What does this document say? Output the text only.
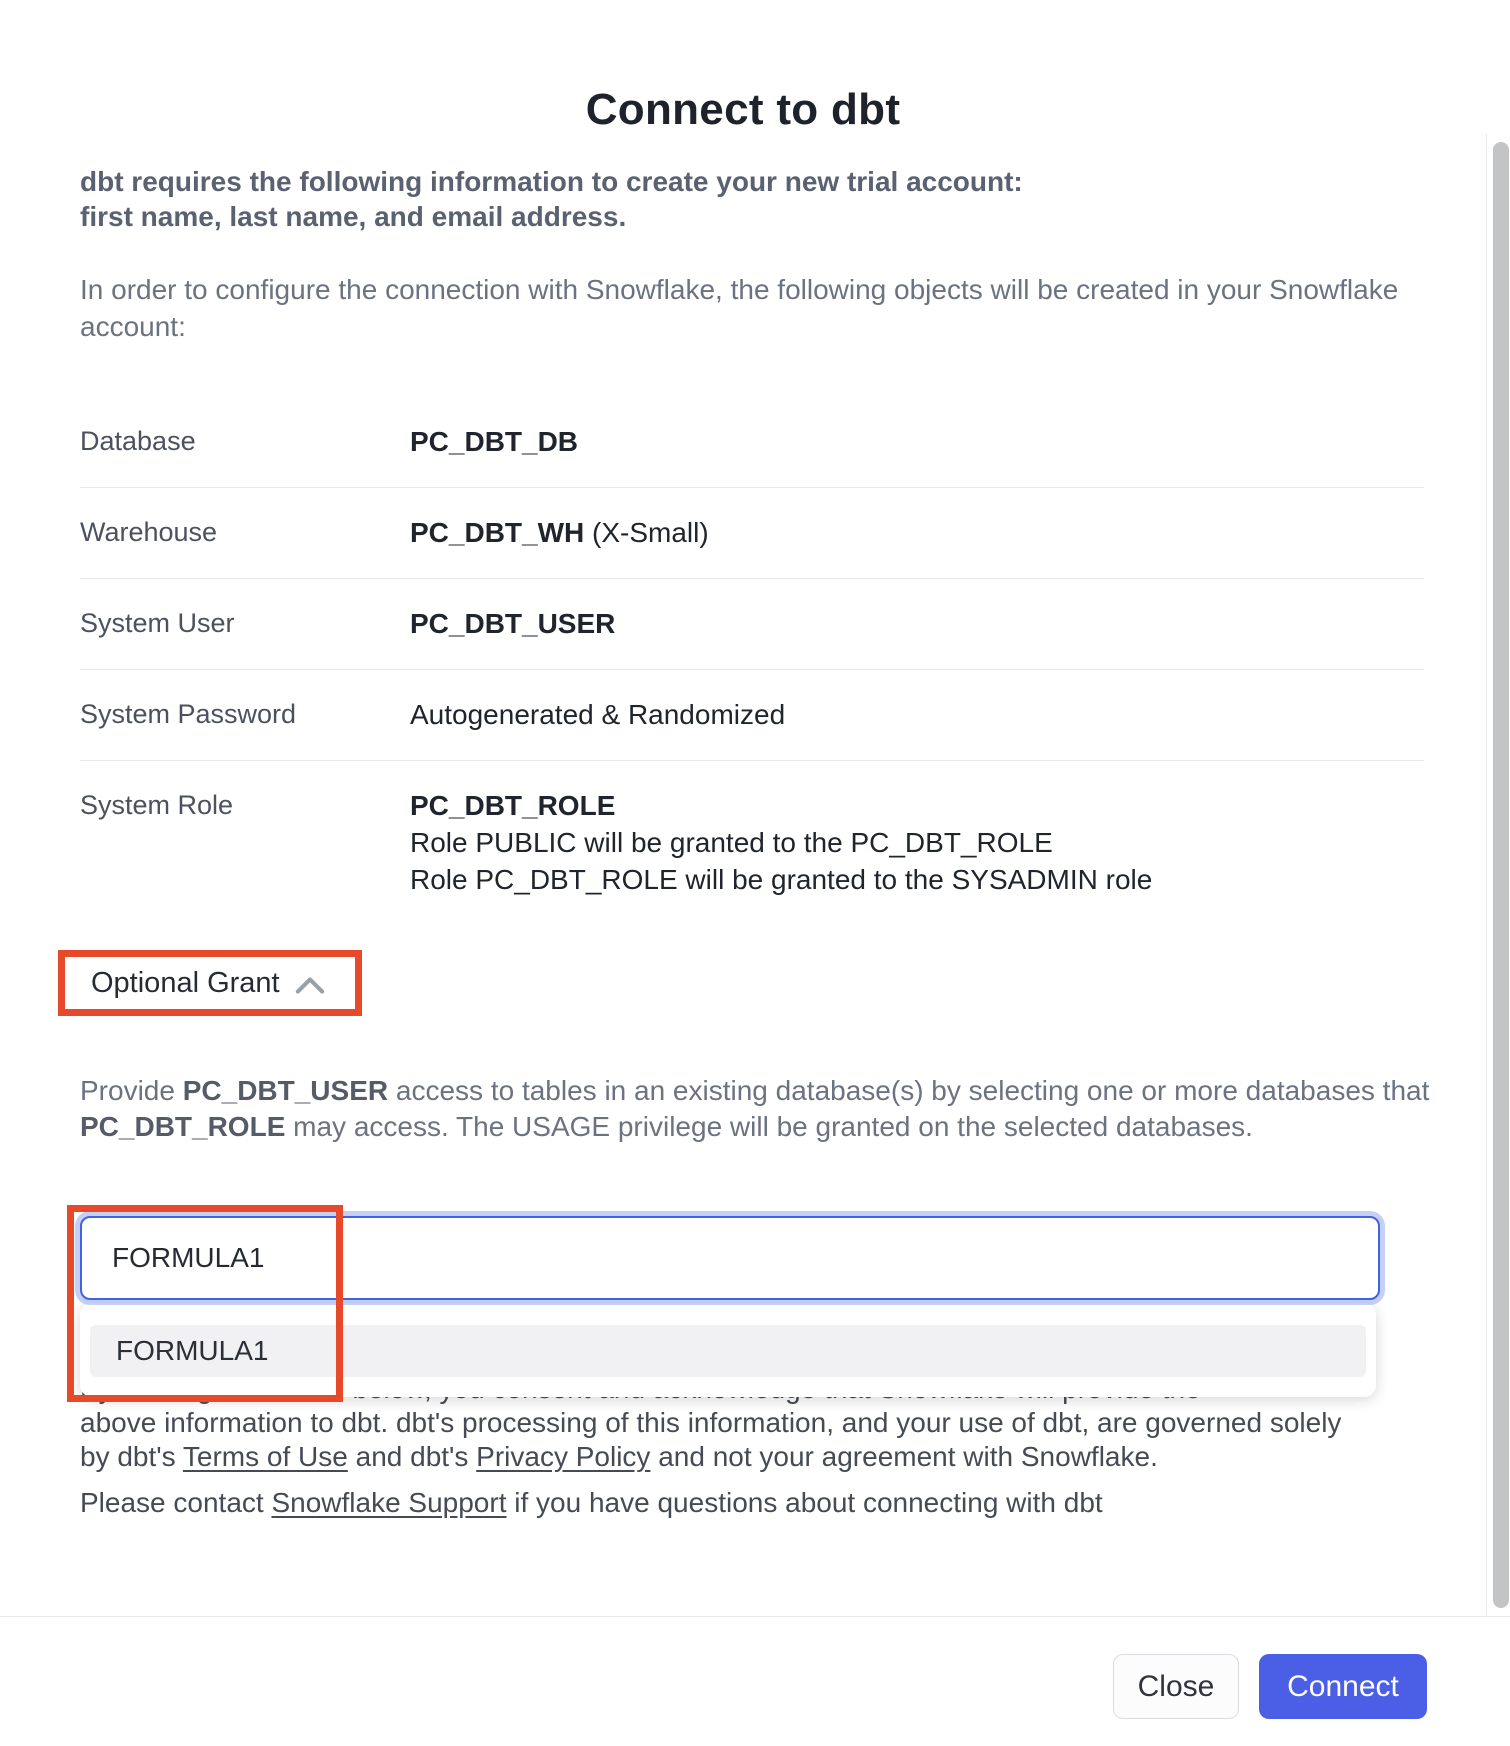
Connect to dbt
dbt requires the following information to create your new trial account:
first name, last name, and email address.
In order to configure the connection with Snowflake, the following objects will be created in your Snowflake account:
Database	PC_DBT_DB
Warehouse	PC_DBT_WH (X-Small)
System User	PC_DBT_USER
System Password	Autogenerated & Randomized
System Role	PC_DBT_ROLE
Role PUBLIC will be granted to the PC_DBT_ROLE
Role PC_DBT_ROLE will be granted to the SYSADMIN role
Optional Grant
Provide PC_DBT_USER access to tables in an existing database(s) by selecting one or more databases that PC_DBT_ROLE may access. The USAGE privilege will be granted on the selected databases.
above information to dbt. dbt's processing of this information, and your use of dbt, are governed solely
by dbt's Terms of Use and dbt's Privacy Policy and not your agreement with Snowflake.
Please contact Snowflake Support if you have questions about connecting with dbt
FORMULA1
FORMULA1
Close	Connect
